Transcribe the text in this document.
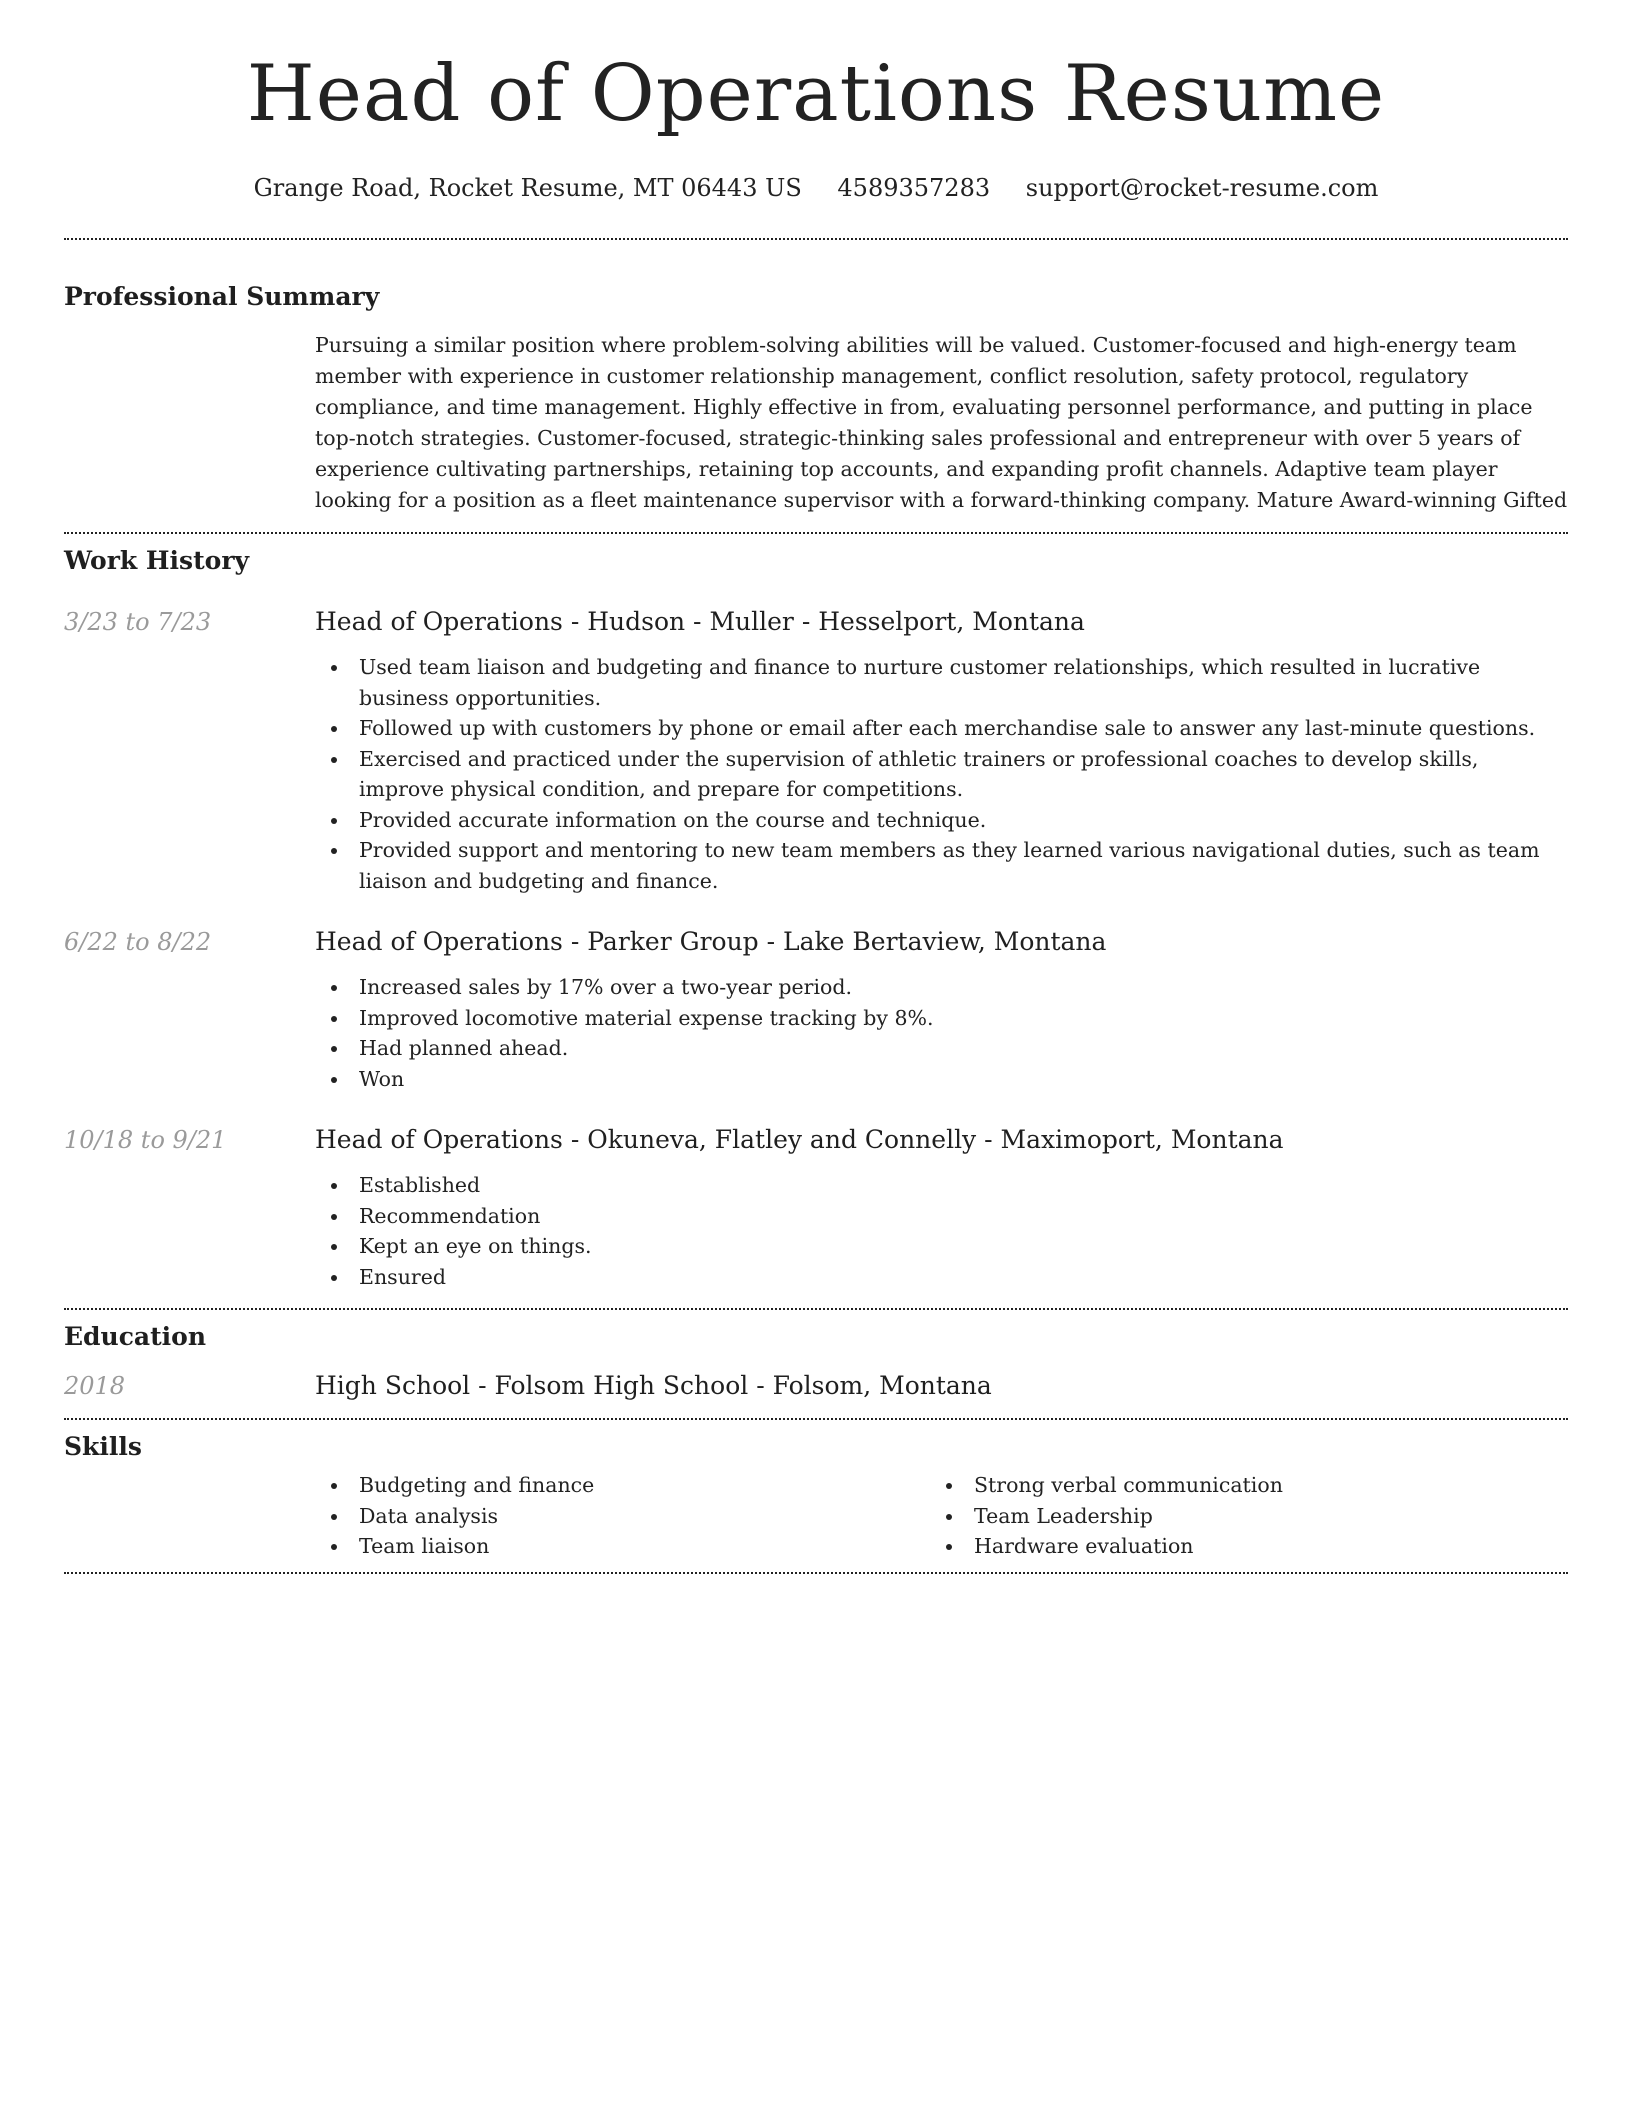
Head of Operations Resume
Grange Road, Rocket Resume, MT 06443 US 4589357283 support@rocket-resume.com
Professional Summary

Pursuing a similar position where problem-solving abilities will be valued. Customer-focused and high-energy team member with experience in customer relationship management, conflict resolution, safety protocol, regulatory compliance, and time management. Highly effective in from, evaluating personnel performance, and putting in place top-notch strategies. Customer-focused, strategic-thinking sales professional and entrepreneur with over 5 years of experience cultivating partnerships, retaining top accounts, and expanding profit channels. Adaptive team player looking for a position as a fleet maintenance supervisor with a forward-thinking company. Mature Award-winning Gifted

Work History
3/23 to 7/23	Head of Operations - Hudson - Muller - Hesselport, Montana
Used team liaison and budgeting and finance to nurture customer relationships, which resulted in lucrative business opportunities.
Followed up with customers by phone or email after each merchandise sale to answer any last-minute questions.
Exercised and practiced under the supervision of athletic trainers or professional coaches to develop skills, improve physical condition, and prepare for competitions.
Provided accurate information on the course and technique.
Provided support and mentoring to new team members as they learned various navigational duties, such as team liaison and budgeting and finance.
6/22 to 8/22	Head of Operations - Parker Group - Lake Bertaview, Montana
Increased sales by 17% over a two-year period.
Improved locomotive material expense tracking by 8%.
Had planned ahead.
Won
10/18 to 9/21	Head of Operations - Okuneva, Flatley and Connelly - Maximoport, Montana
Established
Recommendation
Kept an eye on things.
Ensured
Education
2018	High School - Folsom High School - Folsom, Montana
Skills
Budgeting and finance
Data analysis
Team liaison
Strong verbal communication
Team Leadership
Hardware evaluation
